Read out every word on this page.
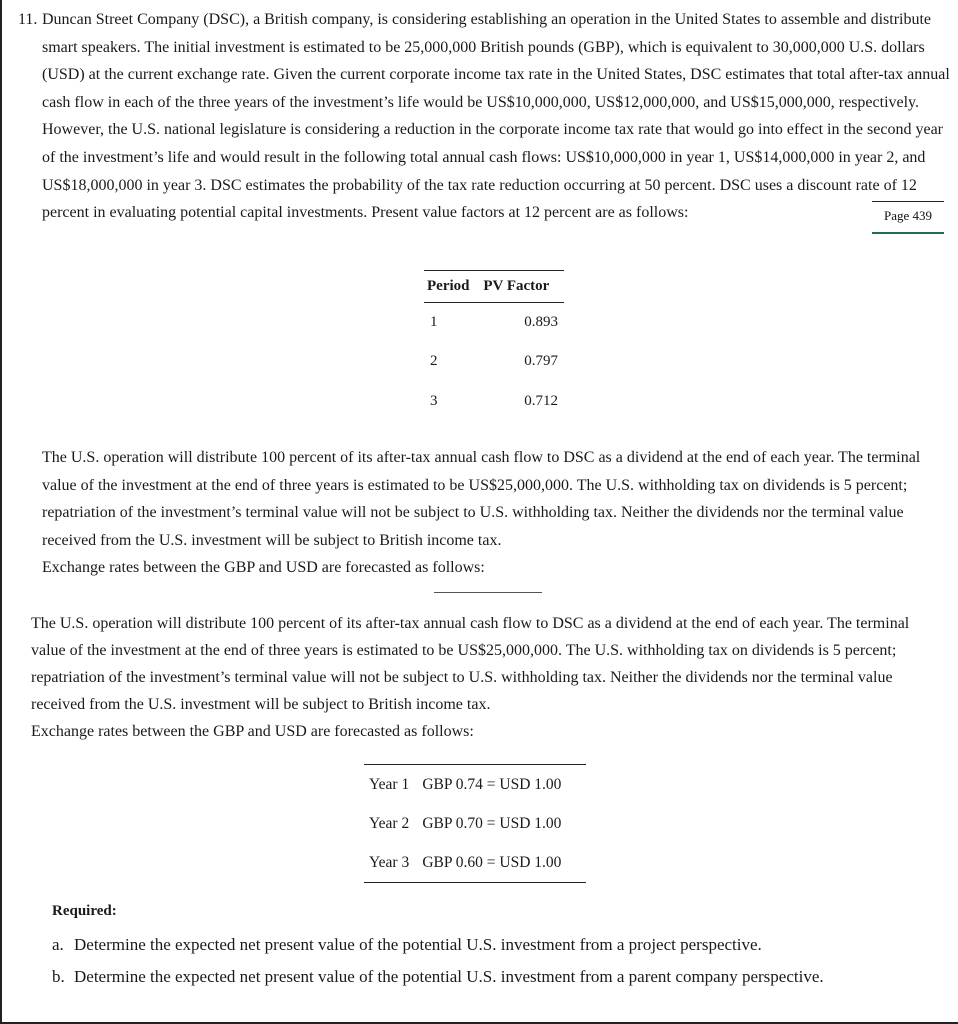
11. Duncan Street Company (DSC), a British company, is considering establishing an operation in the United States to assemble and distribute smart speakers. The initial investment is estimated to be 25,000,000 British pounds (GBP), which is equivalent to 30,000,000 U.S. dollars (USD) at the current exchange rate. Given the current corporate income tax rate in the United States, DSC estimates that total after-tax annual cash flow in each of the three years of the investment’s life would be US$10,000,000, US$12,000,000, and US$15,000,000, respectively. However, the U.S. national legislature is considering a reduction in the corporate income tax rate that would go into effect in the second year of the investment’s life and would result in the following total annual cash flows: US$10,000,000 in year 1, US$14,000,000 in year 2, and US$18,000,000 in year 3. DSC estimates the probability of the tax rate reduction occurring at 50 percent. DSC uses a discount rate of 12 percent in evaluating potential capital investments. Present value factors at 12 percent are as follows:	Page 439
Period	PV Factor
1	0.893
2	0.797
3	0.712
The U.S. operation will distribute 100 percent of its after-tax annual cash flow to DSC as a dividend at the end of each year. The terminal value of the investment at the end of three years is estimated to be US$25,000,000. The U.S. withholding tax on dividends is 5 percent; repatriation of the investment’s terminal value will not be subject to U.S. withholding tax. Neither the dividends nor the terminal value received from the U.S. investment will be subject to British income tax.
Exchange rates between the GBP and USD are forecasted as follows:
The U.S. operation will distribute 100 percent of its after-tax annual cash flow to DSC as a dividend at the end of each year. The terminal value of the investment at the end of three years is estimated to be US$25,000,000. The U.S. withholding tax on dividends is 5 percent; repatriation of the investment’s terminal value will not be subject to U.S. withholding tax. Neither the dividends nor the terminal value received from the U.S. investment will be subject to British income tax.
Exchange rates between the GBP and USD are forecasted as follows:
Year 1	GBP 0.74 = USD 1.00
Year 2	GBP 0.70 = USD 1.00
Year 3	GBP 0.60 = USD 1.00
Required:
a. Determine the expected net present value of the potential U.S. investment from a project perspective.
b. Determine the expected net present value of the potential U.S. investment from a parent company perspective.
